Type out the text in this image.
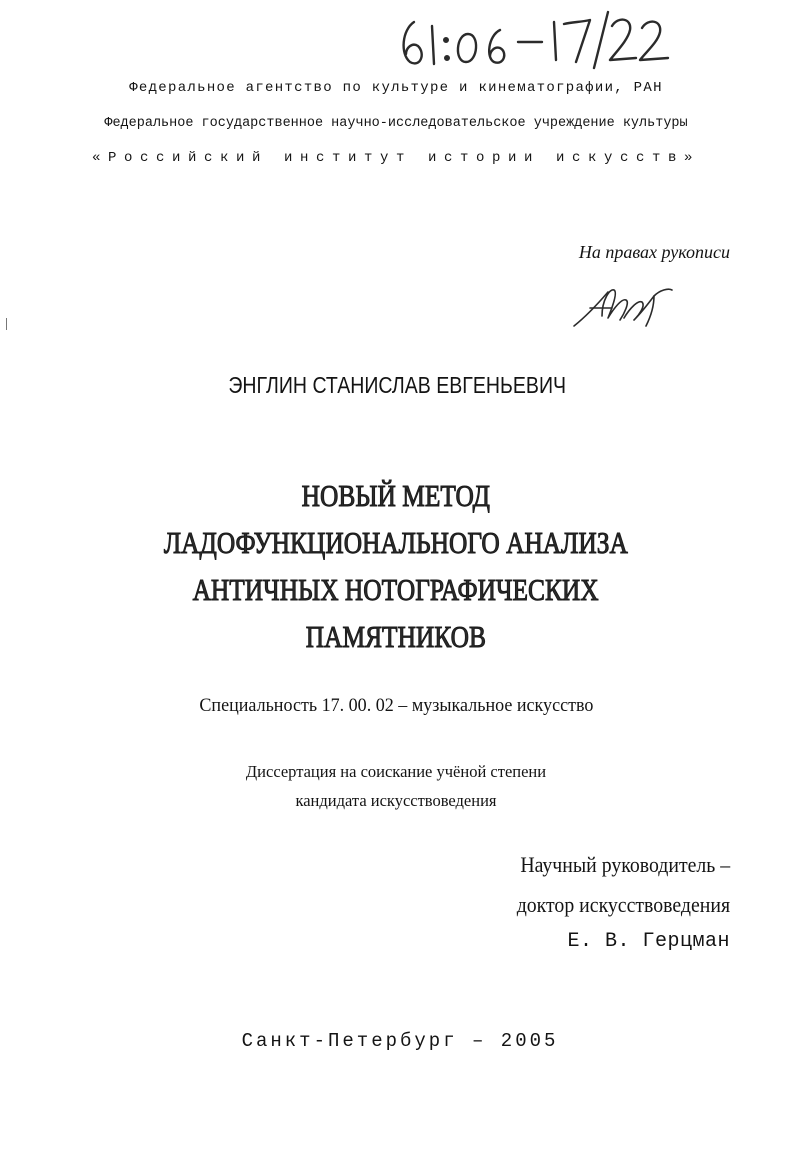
Федеральное агентство по культуре и кинематографии, РАН
Федеральное государственное научно-исследовательское учреждение культуры
«Российский институт истории искусств»
На правах рукописи
ЭНГЛИН СТАНИСЛАВ ЕВГЕНЬЕВИЧ
НОВЫЙ МЕТОД
ЛАДОФУНКЦИОНАЛЬНОГО АНАЛИЗА
АНТИЧНЫХ НОТОГРАФИЧЕСКИХ
ПАМЯТНИКОВ
Специальность 17. 00. 02 – музыкальное искусство
Диссертация на соискание учёной степени
кандидата искусствоведения
Научный руководитель –
доктор искусствоведения
Е. В. Герцман
Санкт-Петербург – 2005
